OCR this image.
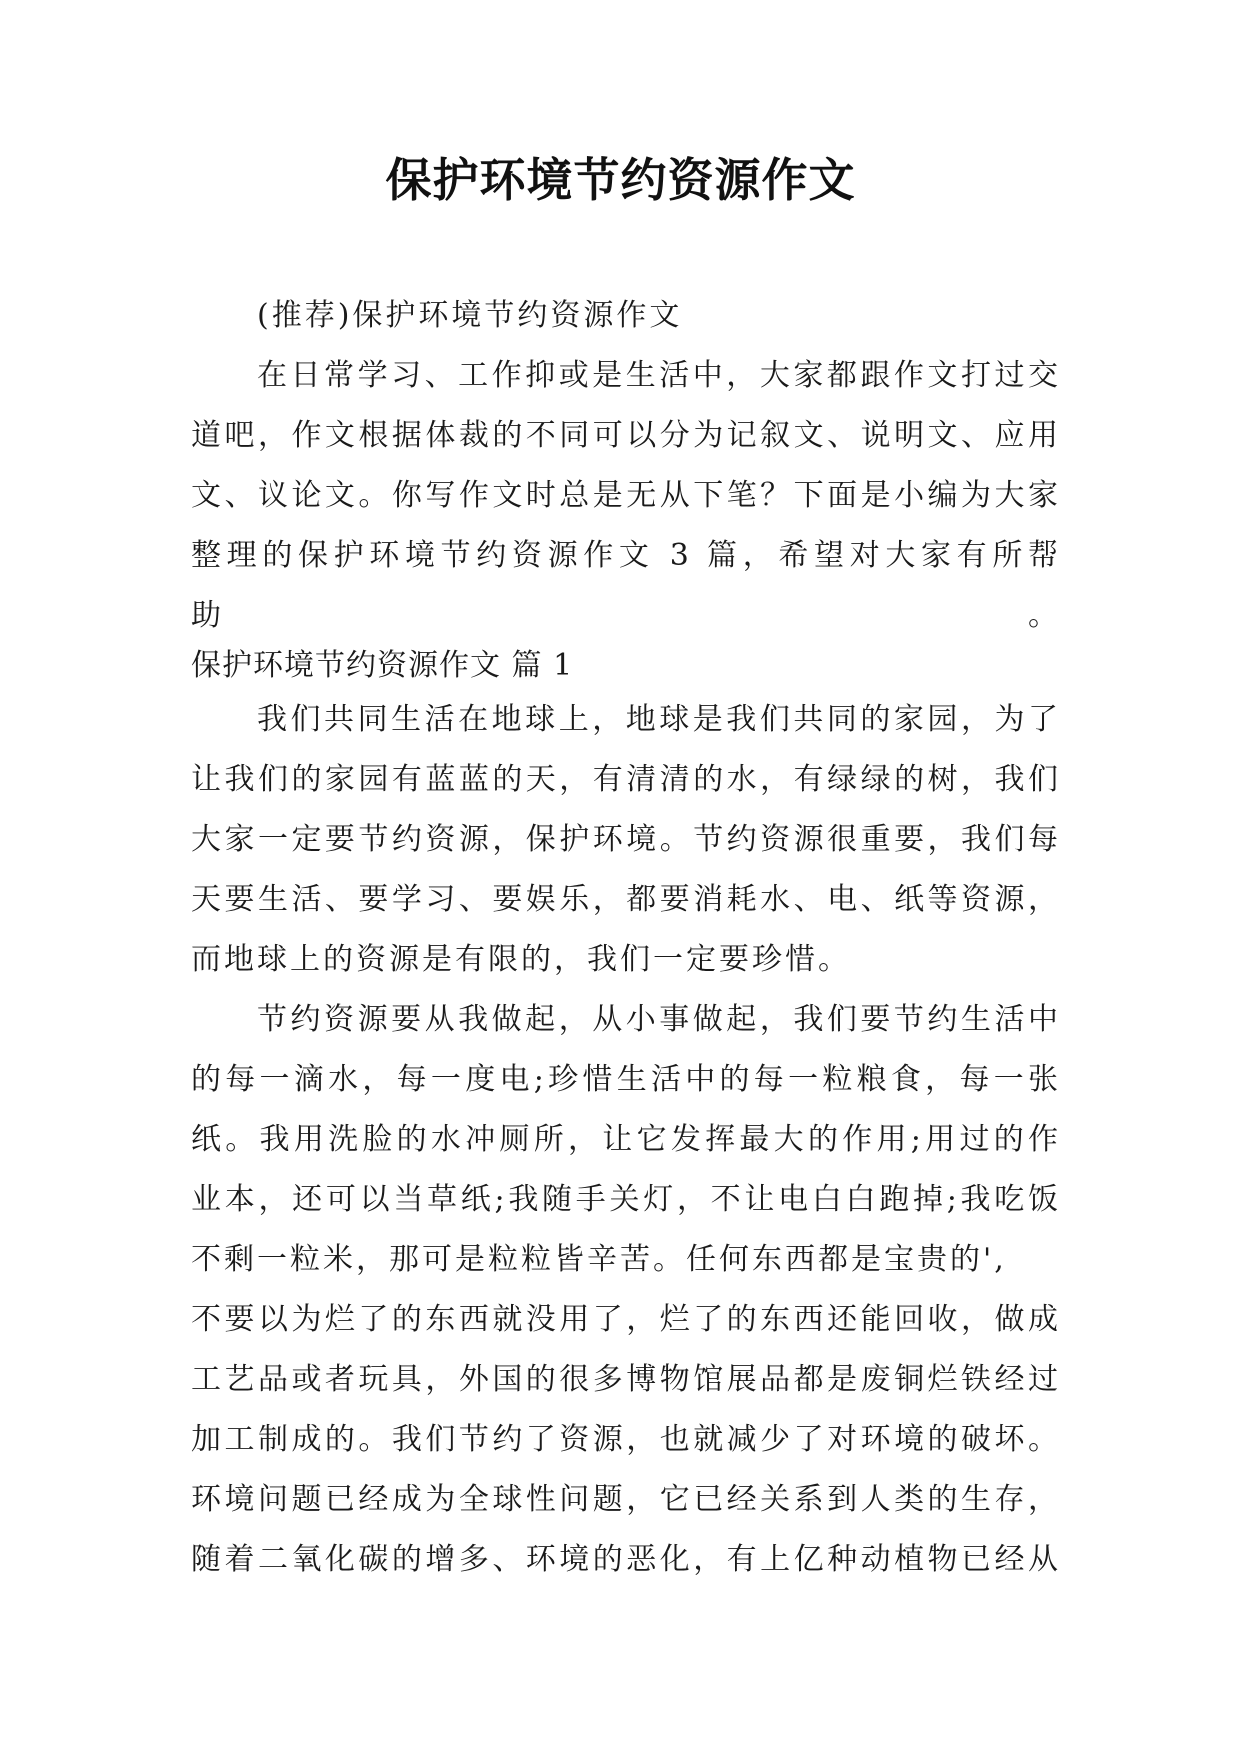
保护环境节约资源作文
(推荐)保护环境节约资源作文
在日常学习、工作抑或是生活中，大家都跟作文打过交
道吧，作文根据体裁的不同可以分为记叙文、说明文、应用
文、议论文。你写作文时总是无从下笔？下面是小编为大家
整理的保护环境节约资源作文 3 篇，希望对大家有所帮助。
保护环境节约资源作文 篇 1
我们共同生活在地球上，地球是我们共同的家园，为了
让我们的家园有蓝蓝的天，有清清的水，有绿绿的树，我们
大家一定要节约资源，保护环境。节约资源很重要，我们每
天要生活、要学习、要娱乐，都要消耗水、电、纸等资源，
而地球上的资源是有限的，我们一定要珍惜。
节约资源要从我做起，从小事做起，我们要节约生活中
的每一滴水，每一度电;珍惜生活中的每一粒粮食，每一张
纸。我用洗脸的水冲厕所，让它发挥最大的作用;用过的作
业本，还可以当草纸;我随手关灯，不让电白白跑掉;我吃饭
不剩一粒米，那可是粒粒皆辛苦。任何东西都是宝贵的',
不要以为烂了的东西就没用了，烂了的东西还能回收，做成
工艺品或者玩具，外国的很多博物馆展品都是废铜烂铁经过
加工制成的。我们节约了资源，也就减少了对环境的破坏。
环境问题已经成为全球性问题，它已经关系到人类的生存，
随着二氧化碳的增多、环境的恶化，有上亿种动植物已经从
